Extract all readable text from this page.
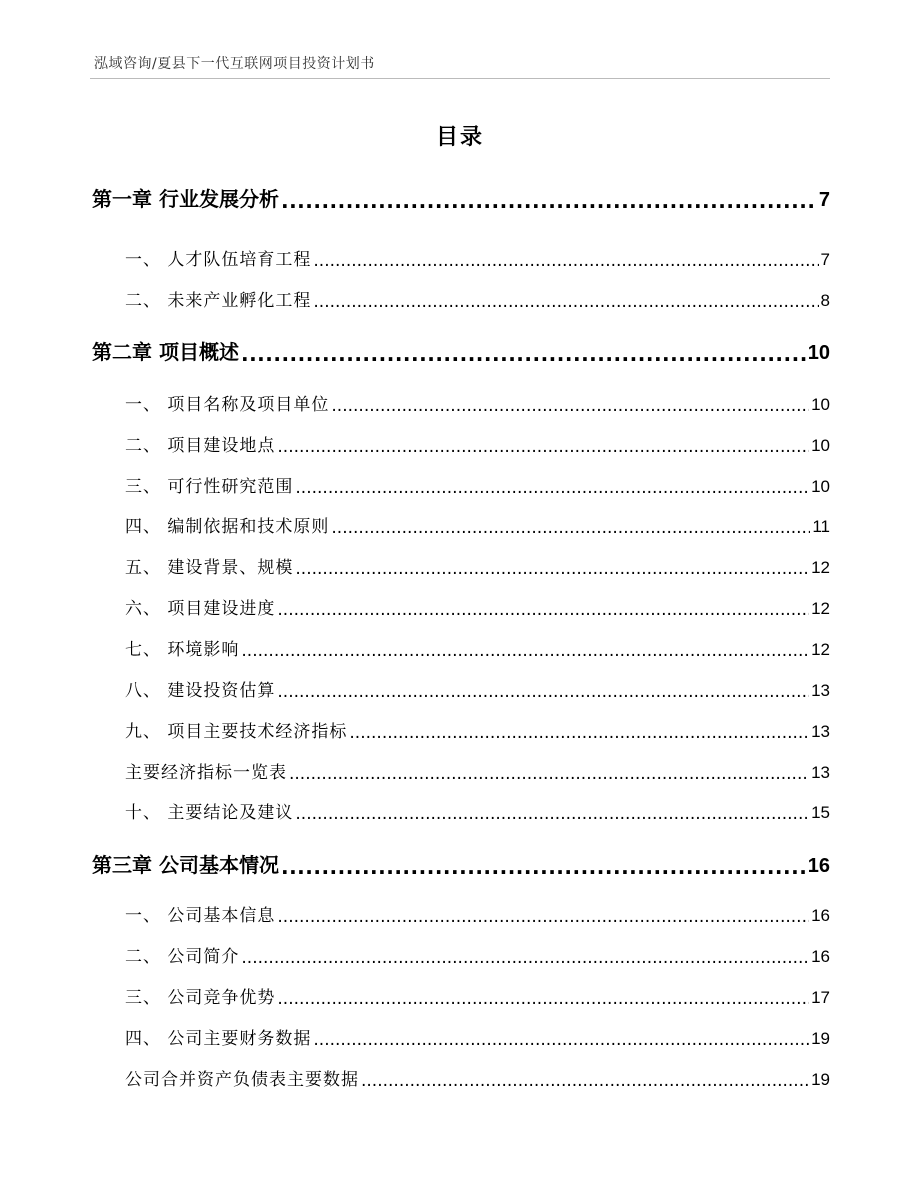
泓域咨询/夏县下一代互联网项目投资计划书
目录
第一章 行业发展分析 .....	7
一、 人才队伍培育工程 .....	7
二、 未来产业孵化工程 .....	8
第二章 项目概述 .....	10
一、 项目名称及项目单位 .....	10
二、 项目建设地点 .....	10
三、 可行性研究范围 .....	10
四、 编制依据和技术原则 .....	11
五、 建设背景、规模 .....	12
六、 项目建设进度 .....	12
七、 环境影响 .....	12
八、 建设投资估算 .....	13
九、 项目主要技术经济指标 .....	13
主要经济指标一览表 .....	13
十、 主要结论及建议 .....	15
第三章 公司基本情况 .....	16
一、 公司基本信息 .....	16
二、 公司简介 .....	16
三、 公司竞争优势 .....	17
四、 公司主要财务数据 .....	19
公司合并资产负债表主要数据 .....	19
